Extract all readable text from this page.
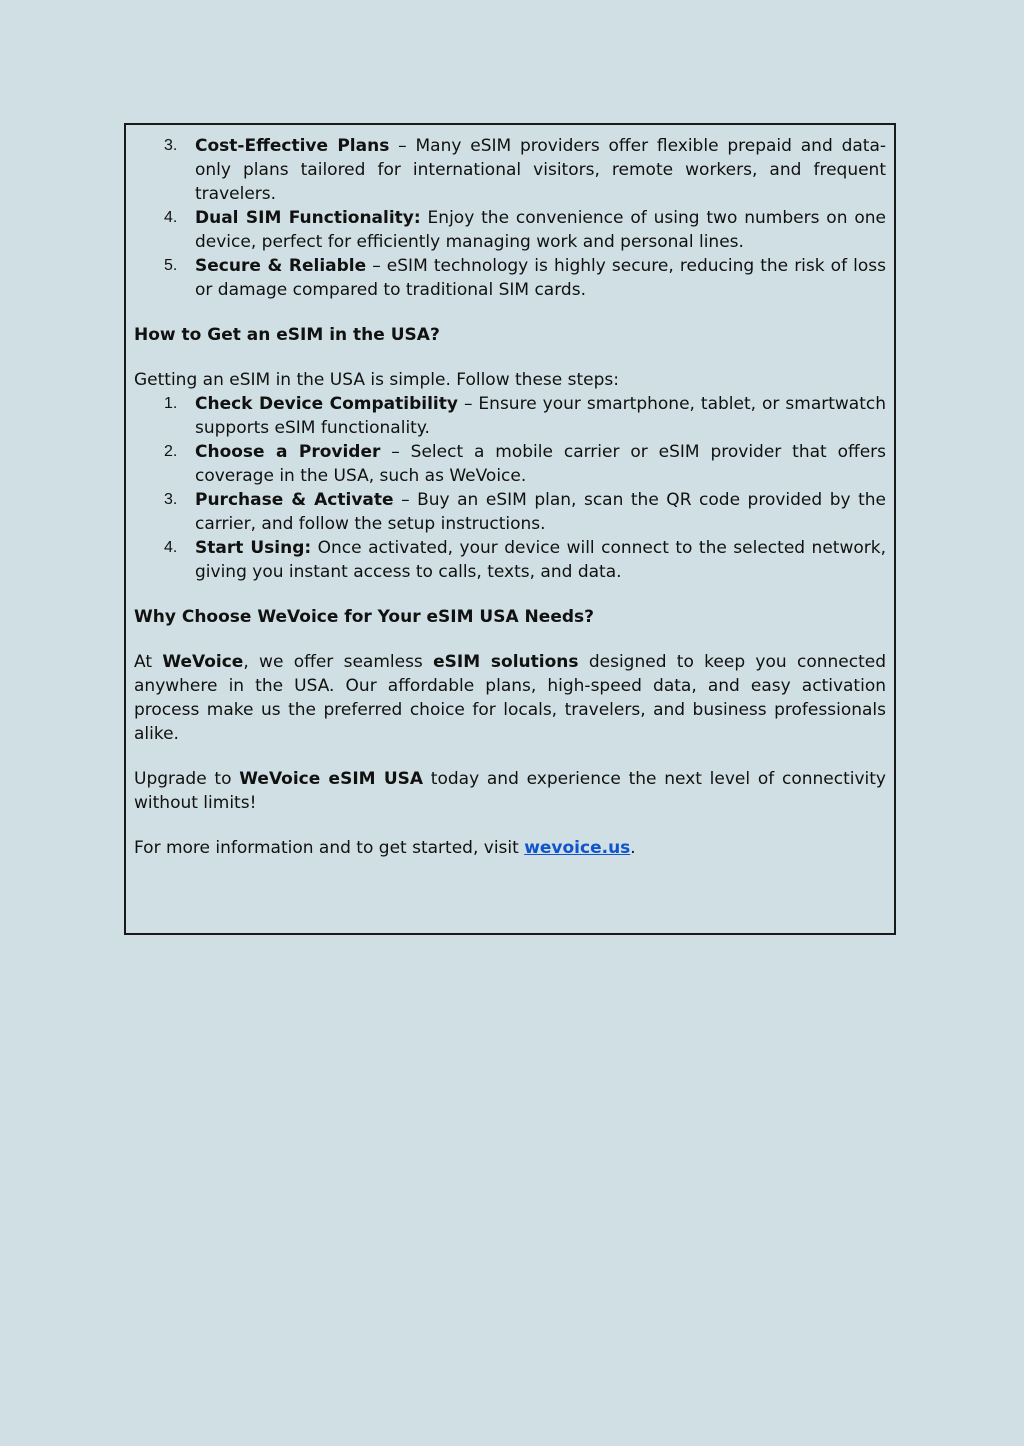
3. Cost-Effective Plans – Many eSIM providers offer flexible prepaid and data-only plans tailored for international visitors, remote workers, and frequent travelers.
4. Dual SIM Functionality: Enjoy the convenience of using two numbers on one device, perfect for efficiently managing work and personal lines.
5. Secure & Reliable – eSIM technology is highly secure, reducing the risk of loss or damage compared to traditional SIM cards.

How to Get an eSIM in the USA?

Getting an eSIM in the USA is simple. Follow these steps:

1. Check Device Compatibility – Ensure your smartphone, tablet, or smartwatch supports eSIM functionality.
2. Choose a Provider – Select a mobile carrier or eSIM provider that offers coverage in the USA, such as WeVoice.
3. Purchase & Activate – Buy an eSIM plan, scan the QR code provided by the carrier, and follow the setup instructions.
4. Start Using: Once activated, your device will connect to the selected network, giving you instant access to calls, texts, and data.

Why Choose WeVoice for Your eSIM USA Needs?

At WeVoice, we offer seamless eSIM solutions designed to keep you connected anywhere in the USA. Our affordable plans, high-speed data, and easy activation process make us the preferred choice for locals, travelers, and business professionals alike.

Upgrade to WeVoice eSIM USA today and experience the next level of connectivity without limits!

For more information and to get started, visit wevoice.us.
